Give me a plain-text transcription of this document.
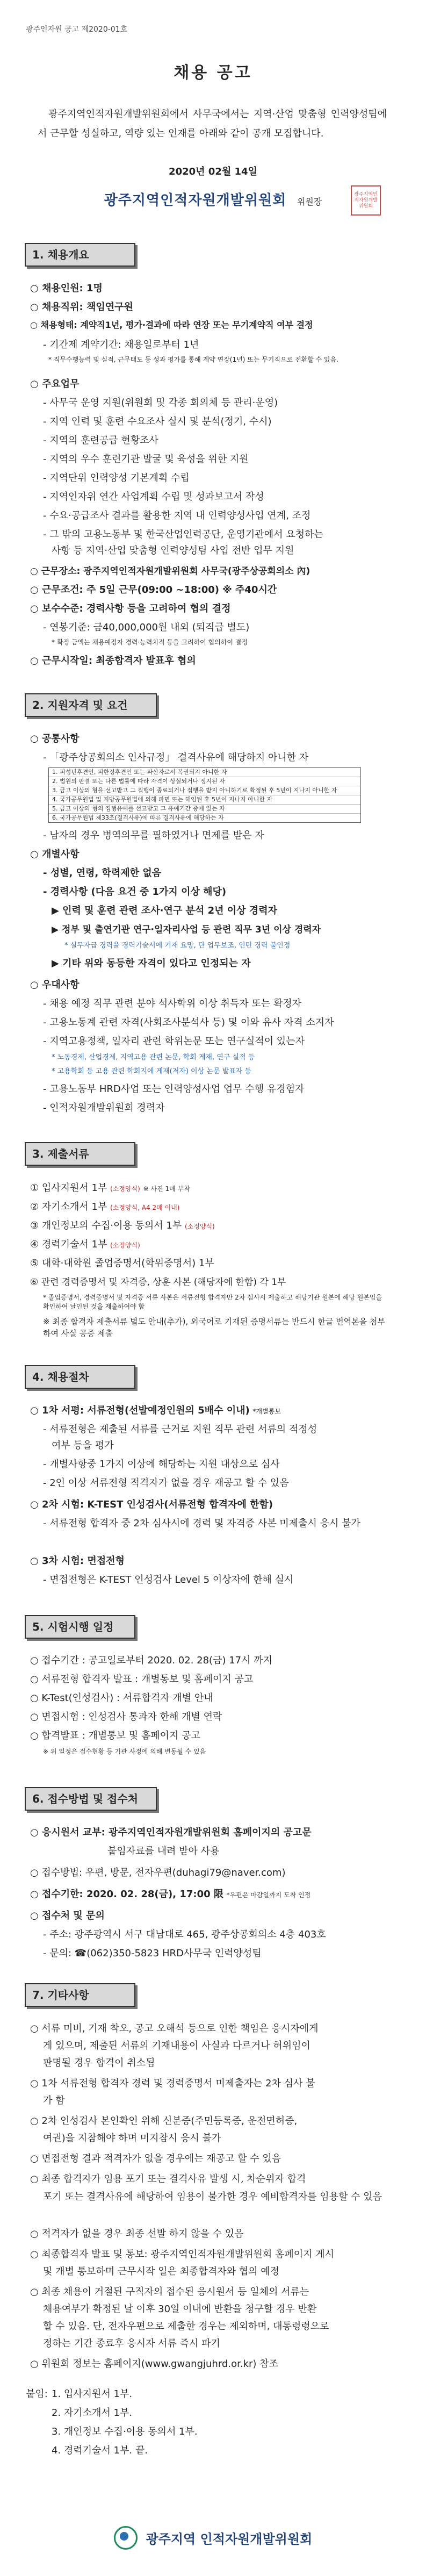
광주인자원 공고 제2020-01호
채용 공고
광주지역인적자원개발위원회에서 사무국에서는 지역·산업 맞춤형 인력양성팀에서 근무할 성실하고, 역량 있는 인재를 아래와 같이 공개 모집합니다.
2020년 02월 14일
광주지역인적자원개발위원회 위원장
광주지역인적자원개발위원회
1. 채용개요
○ 채용인원: 1명
○ 채용직위: 책임연구원
○ 채용형태: 계약직1년, 평가·결과에 따라 연장 또는 무기계약직 여부 결정
- 기간제 계약기간: 채용일로부터 1년
* 직무수행능력 및 실적, 근무태도 등 성과 평가를 통해 계약 연장(1년) 또는 무기직으로 전환할 수 있음.
○ 주요업무
- 사무국 운영 지원(위원회 및 각종 회의체 등 관리·운영)
- 지역 인력 및 훈련 수요조사 실시 및 분석(정기, 수시)
- 지역의 훈련공급 현황조사
- 지역의 우수 훈련기관 발굴 및 육성을 위한 지원
- 지역단위 인력양성 기본계획 수립
- 지역인자위 연간 사업계획 수립 및 성과보고서 작성
- 수요·공급조사 결과를 활용한 지역 내 인력양성사업 연계, 조정
- 그 밖의 고용노동부 및 한국산업인력공단, 운영기관에서 요청하는
사항 등 지역·산업 맞춤형 인력양성팀 사업 전반 업무 지원
○ 근무장소: 광주지역인적자원개발위원회 사무국(광주상공회의소 內)
○ 근무조건: 주 5일 근무(09:00 ~18:00) ※ 주40시간
○ 보수수준: 경력사항 등을 고려하여 협의 결정
- 연봉기준: 금40,000,000원 내외 (퇴직급 별도)
* 확정 금액는 채용예정자 경력·능력치적 등을 고려하여 협의하여 결정
○ 근무시작일: 최종합격자 발표후 협의
2. 지원자격 및 요건
○ 공통사항
- 「광주상공회의소 인사규정」 결격사유에 해당하지 아니한 자
1. 피성년후견인, 피한정후견인 또는 파산자로서 복권되지 아니한 자
2. 법원의 판결 또는 다른 법률에 따라 자격이 상실되거나 정지된 자
3. 금고 이상의 형을 선고받고 그 집행이 종료되거나 집행을 받지 아니하기로 확정된 후 5년이 지나지 아니한 자
4. 국가공무원법 및 지방공무원법에 의해 파면 또는 해임된 후 5년이 지나지 아니한 자
5. 금고 이상의 형의 집행유예를 선고받고 그 유예기간 중에 있는 자
6. 국가공무원법 제33조(결격사유)에 따른 결격사유에 해당하는 자
- 남자의 경우 병역의무를 필하였거나 면제를 받은 자
○ 개별사항
- 성별, 연령, 학력제한 없음
- 경력사항 (다음 요건 중 1가지 이상 해당)
▶ 인력 및 훈련 관련 조사·연구 분석 2년 이상 경력자
▶ 정부 및 출연기관 연구·일자리사업 등 관련 직무 3년 이상 경력자
* 실무자급 경력을 경력기술서에 기재 요망, 단 업무보조, 인턴 경력 불인정
▶ 기타 위와 동등한 자격이 있다고 인정되는 자
○ 우대사항
- 채용 예정 직무 관련 분야 석사학위 이상 취득자 또는 확정자
- 고용노동계 관련 자격(사회조사분석사 등) 및 이와 유사 자격 소지자
- 지역고용정책, 일자리 관련 학위논문 또는 연구실적이 있는자
* 노동경제, 산업경제, 지역고용 관련 논문, 학회 게재, 연구 실적 등
* 고용학회 등 고용 관련 학회지에 게재(저자) 이상 논문 발표자 등
- 고용노동부 HRD사업 또는 인력양성사업 업무 수행 유경험자
- 인적자원개발위원회 경력자
3. 제출서류
① 입사지원서 1부 (소정양식) ※ 사진 1매 부착
② 자기소개서 1부 (소정양식, A4 2매 이내)
③ 개인정보의 수집·이용 동의서 1부 (소정양식)
④ 경력기술서 1부 (소정양식)
⑤ 대학·대학원 졸업증명서(학위증명서) 1부
⑥ 관련 경력증명서 및 자격증, 상훈 사본 (해당자에 한함) 각 1부
* 졸업증명서, 경력증명서 및 자격증 서류 사본은 서류전형 합격자만 2차 심사시 제출하고 해당기관 원본에 해당 원본임을 확인하여 날인된 것을 제출하여야 함
※ 최종 합격자 제출서류 별도 안내(추가), 외국어로 기재된 증명서류는 반드시 한글 번역본을 첨부하여 사실 공증 제출
4. 채용절차
○ 1차 서평: 서류전형(선발예정인원의 5배수 이내) *개별통보
- 서류전형은 제출된 서류를 근거로 지원 직무 관련 서류의 적정성
여부 등을 평가
- 개별사항중 1가지 이상에 해당하는 지원 대상으로 심사
- 2인 이상 서류전형 적격자가 없을 경우 재공고 할 수 있음
○ 2차 시험: K-TEST 인성검사(서류전형 합격자에 한함)
- 서류전형 합격자 중 2차 심사시에 경력 및 자격증 사본 미제출시 응시 불가
○ 3차 시험: 면접전형
- 면접전형은 K-TEST 인성검사 Level 5 이상자에 한해 실시
5. 시험시행 일정
○ 접수기간 : 공고일로부터 2020. 02. 28(금) 17시 까지
○ 서류전형 합격자 발표 : 개별통보 및 홈페이지 공고
○ K-Test(인성검사) : 서류합격자 개별 안내
○ 면접시험 : 인성검사 통과자 한해 개별 연락
○ 합격발표 : 개별통보 및 홈페이지 공고
※ 위 일정은 접수현황 등 기관 사정에 의해 변동될 수 있음
6. 접수방법 및 접수처
○ 응시원서 교부: 광주지역인적자원개발위원회 홈페이지의 공고문
붙임자료를 내려 받아 사용
○ 접수방법: 우편, 방문, 전자우편(duhagi79@naver.com)
○ 접수기한: 2020. 02. 28(금), 17:00 限 *우편은 마감일까지 도착 인정
○ 접수처 및 문의
- 주소: 광주광역시 서구 대남대로 465, 광주상공회의소 4층 403호
- 문의: ☎(062)350-5823 HRD사무국 인력양성팀
7. 기타사항
○ 서류 미비, 기재 착오, 공고 오해석 등으로 인한 책임은 응시자에게
게 있으며, 제출된 서류의 기재내용이 사실과 다르거나 허위임이
판명될 경우 합격이 취소됨
○ 1차 서류전형 합격자 경력 및 경력증명서 미제출자는 2차 심사 불
가 함
○ 2차 인성검사 본인확인 위해 신분증(주민등록증, 운전면허증,
여권)을 지참해야 하며 미지참시 응시 불가
○ 면접전형 결과 적격자가 없을 경우에는 재공고 할 수 있음
○ 최종 합격자가 임용 포기 또는 결격사유 발생 시, 차순위자 합격
포기 또는 결격사유에 해당하여 임용이 불가한 경우 예비합격자를 임용할 수 있음
○ 적격자가 없을 경우 최종 선발 하지 않을 수 있음
○ 최종합격자 발표 및 통보: 광주지역인적자원개발위원회 홈페이지 게시
및 개별 통보하며 근무시작 일은 최종합격자와 협의 예정
○ 최종 채용이 거절된 구직자의 접수된 응시원서 등 일체의 서류는
채용여부가 확정된 날 이후 30일 이내에 반환을 청구할 경우 반환
할 수 있음. 단, 전자우편으로 제출한 경우는 제외하며, 대통령령으로
정하는 기간 종료후 응시자 서류 즉시 파기
○ 위원회 정보는 홈페이지(www.gwangjuhrd.or.kr) 참조
붙임: 1. 입사지원서 1부.
2. 자기소개서 1부.
3. 개인정보 수집·이용 동의서 1부.
4. 경력기술서 1부. 끝.
광주지역 인적자원개발위원회
